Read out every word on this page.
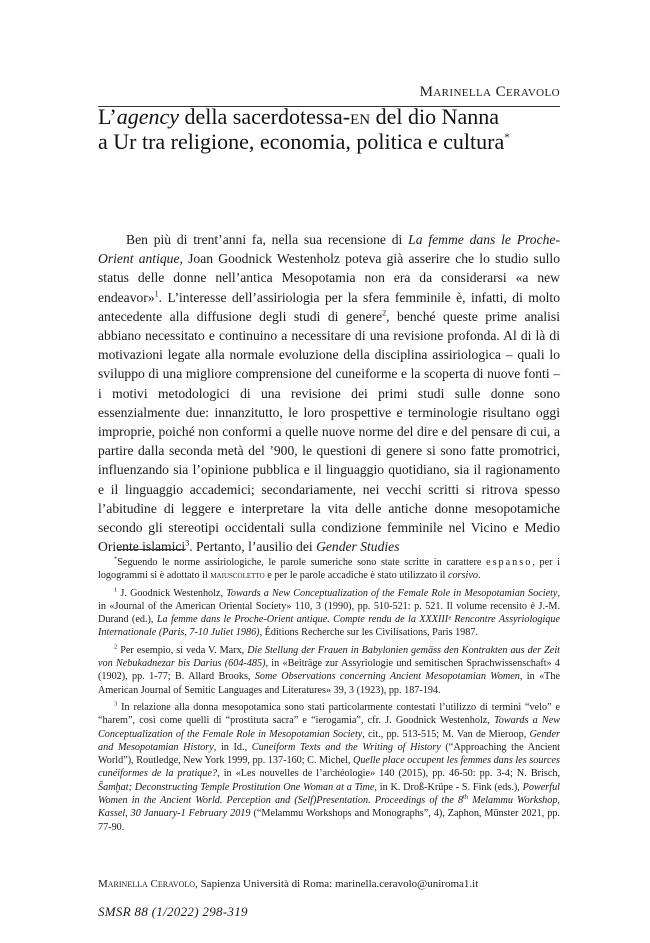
Marinella Ceravolo
L’agency della sacerdotessa-en del dio Nanna
a Ur tra religione, economia, politica e cultura*

Ben più di trent’anni fa, nella sua recensione di La femme dans le Proche-Orient antique, Joan Goodnick Westenholz poteva già asserire che lo studio sullo status delle donne nell’antica Mesopotamia non era da considerarsi «a new endeavor»$^1$. L’interesse dell’assiriologia per la sfera femminile è, infatti, di molto antecedente alla diffusione degli studi di genere$^2$, benché queste prime analisi abbiano necessitato e continuino a necessitare di una revisione profonda. Al di là di motivazioni legate alla normale evoluzione della disciplina assiriologica – quali lo sviluppo di una migliore comprensione del cuneiforme e la scoperta di nuove fonti – i motivi metodologici di una revisione dei primi studi sulle donne sono essenzialmente due: innanzitutto, le loro prospettive e terminologie risultano oggi improprie, poiché non conformi a quelle nuove norme del dire e del pensare di cui, a partire dalla seconda metà del ’900, le questioni di genere si sono fatte promotrici, influenzando sia l’opinione pubblica e il linguaggio quotidiano, sia il ragionamento e il linguaggio accademici; secondariamente, nei vecchi scritti si ritrova spesso l’abitudine di leggere e interpretare la vita delle antiche donne mesopotamiche secondo gli stereotipi occidentali sulla condizione femminile nel Vicino e Medio Oriente islamici$^3$. Pertanto, l’ausilio dei Gender Studies

*Seguendo le norme assiriologiche, le parole sumeriche sono state scritte in carattere espanso, per i logogrammi si è adottato il maiuscoletto e per le parole accadiche è stato utilizzato il corsivo.

$^1$ J. Goodnick Westenholz, Towards a New Conceptualization of the Female Role in Mesopotamian Society, in «Journal of the American Oriental Society» 110, 3 (1990), pp. 510-521: p. 521. Il volume recensito è J.-M. Durand (ed.), La femme dans le Proche-Orient antique. Compte rendu de la XXXIIIᵉ Rencontre Assyriologique Internationale (Paris, 7-10 Juliet 1986), Éditions Recherche sur les Civilisations, Paris 1987.

$^2$ Per esempio, si veda V. Marx, Die Stellung der Frauen in Babylonien gemäss den Kontrakten aus der Zeit von Nebukadnezar bis Darius (604-485), in «Beiträge zur Assyriologie und semitischen Sprachwissenschaft» 4 (1902), pp. 1-77; B. Allard Brooks, Some Observations concerning Ancient Mesopotamian Women, in «The American Journal of Semitic Languages and Literatures» 39, 3 (1923), pp. 187-194.

$^3$ In relazione alla donna mesopotamica sono stati particolarmente contestati l’utilizzo di termini “velo” e “harem”, così come quelli di “prostituta sacra” e “ierogamia”, cfr. J. Goodnick Westenholz, Towards a New Conceptualization of the Female Role in Mesopotamian Society, cit., pp. 513-515; M. Van de Mieroop, Gender and Mesopotamian History, in Id., Cuneiform Texts and the Writing of History (“Approaching the Ancient World”), Routledge, New York 1999, pp. 137-160; C. Michel, Quelle place occupent les femmes dans les sources cunéiformes de la pratique?, in «Les nouvelles de l’archéologie» 140 (2015), pp. 46-50: pp. 3-4; N. Brisch, Šamḫat; Deconstructing Temple Prostitution One Woman at a Time, in K. Droß-Krüpe - S. Fink (eds.), Powerful Women in the Ancient World. Perception and (Self)Presentation. Proceedings of the 8th Melammu Workshop, Kassel, 30 January-1 February 2019 (“Melammu Workshops and Monographs”, 4), Zaphon, Münster 2021, pp. 77-90.

Marinella Ceravolo, Sapienza Università di Roma: marinella.ceravolo@uniroma1.it
SMSR 88 (1/2022) 298-319
